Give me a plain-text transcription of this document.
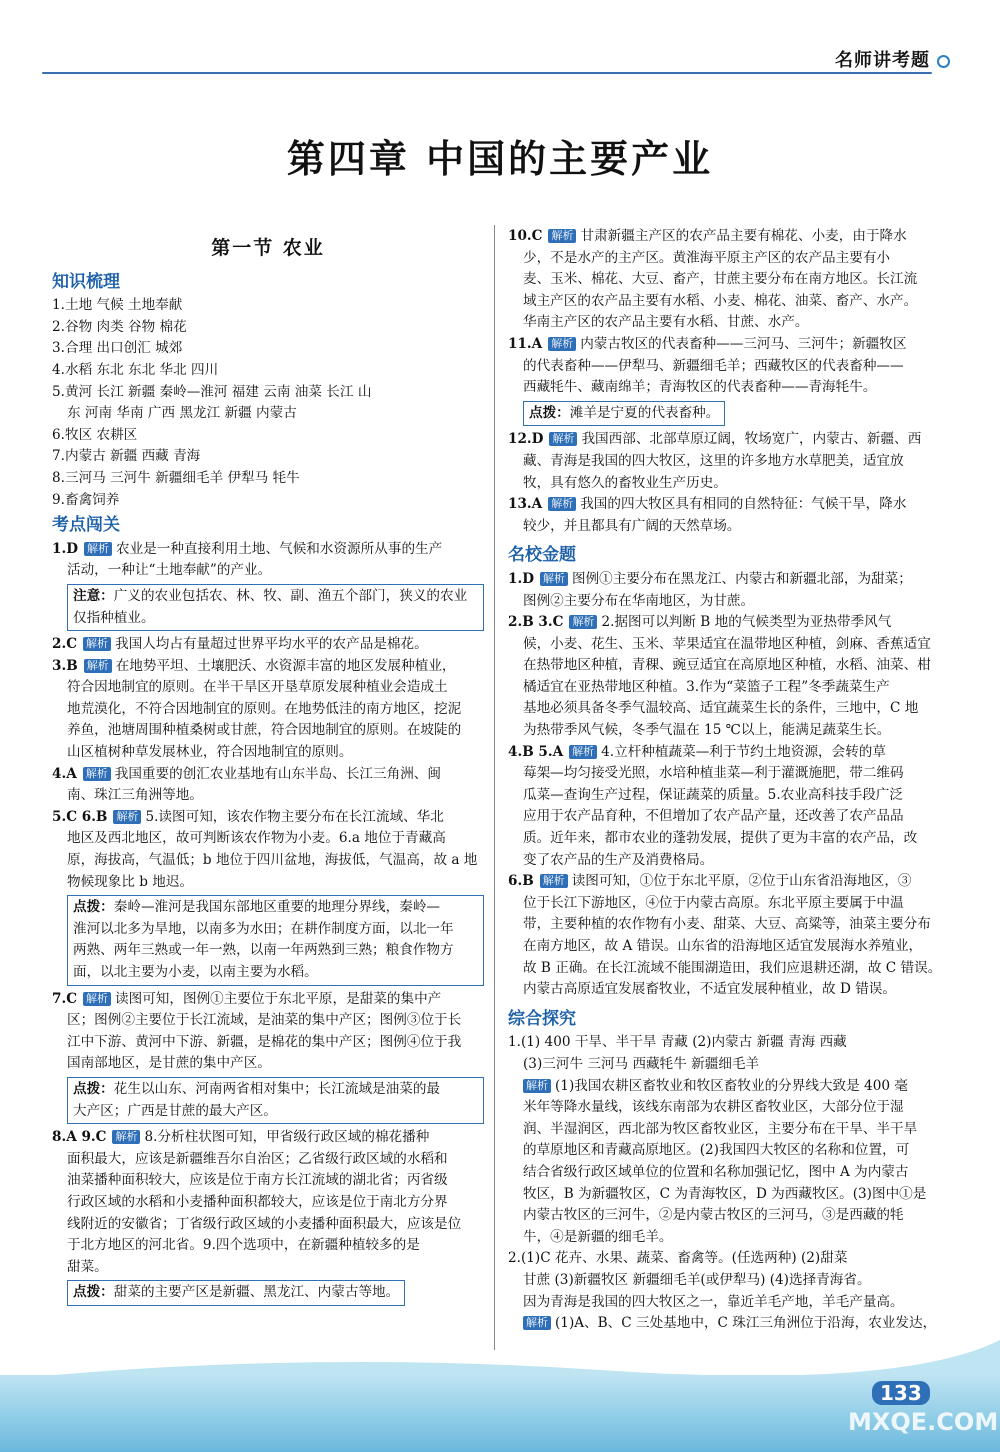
名师讲考题
第四章 中国的主要产业
第一节 农业
知识梳理
1.土地 气候 土地奉献
2.谷物 肉类 谷物 棉花
3.合理 出口创汇 城郊
4.水稻 东北 东北 华北 四川
5.黄河 长江 新疆 秦岭—淮河 福建 云南 油菜 长江 山
东 河南 华南 广西 黑龙江 新疆 内蒙古
6.牧区 农耕区
7.内蒙古 新疆 西藏 青海
8.三河马 三河牛 新疆细毛羊 伊犁马 牦牛
9.畜禽饲养
考点闯关
1.D 解析 农业是一种直接利用土地、气候和水资源所从事的生产
活动，一种让“土地奉献”的产业。
注意：广义的农业包括农、林、牧、副、渔五个部门，狭义的农业
仅指种植业。
2.C 解析 我国人均占有量超过世界平均水平的农产品是棉花。
3.B 解析 在地势平坦、土壤肥沃、水资源丰富的地区发展种植业，
符合因地制宜的原则。在半干旱区开垦草原发展种植业会造成土
地荒漠化，不符合因地制宜的原则。在地势低洼的南方地区，挖泥
养鱼，池塘周围种植桑树或甘蔗，符合因地制宜的原则。在坡陡的
山区植树种草发展林业，符合因地制宜的原则。
4.A 解析 我国重要的创汇农业基地有山东半岛、长江三角洲、闽
南、珠江三角洲等地。
5.C 6.B 解析 5.读图可知，该农作物主要分布在长江流域、华北
地区及西北地区，故可判断该农作物为小麦。6.a 地位于青藏高
原，海拔高，气温低；b 地位于四川盆地，海拔低，气温高，故 a 地
物候现象比 b 地迟。
点拨：秦岭—淮河是我国东部地区重要的地理分界线，秦岭—
淮河以北多为旱地，以南多为水田；在耕作制度方面，以北一年
两熟、两年三熟或一年一熟，以南一年两熟到三熟；粮食作物方
面，以北主要为小麦，以南主要为水稻。
7.C 解析 读图可知，图例①主要位于东北平原，是甜菜的集中产
区；图例②主要位于长江流域，是油菜的集中产区；图例③位于长
江中下游、黄河中下游、新疆，是棉花的集中产区；图例④位于我
国南部地区，是甘蔗的集中产区。
点拨：花生以山东、河南两省相对集中；长江流域是油菜的最
大产区；广西是甘蔗的最大产区。
8.A 9.C 解析 8.分析柱状图可知，甲省级行政区域的棉花播种
面积最大，应该是新疆维吾尔自治区；乙省级行政区域的水稻和
油菜播种面积较大，应该是位于南方长江流域的湖北省；丙省级
行政区域的水稻和小麦播种面积都较大，应该是位于南北方分界
线附近的安徽省；丁省级行政区域的小麦播种面积最大，应该是位
于北方地区的河北省。9.四个选项中，在新疆种植较多的是
甜菜。
点拨：甜菜的主要产区是新疆、黑龙江、内蒙古等地。
10.C 解析 甘肃新疆主产区的农产品主要有棉花、小麦，由于降水
少，不是水产的主产区。黄淮海平原主产区的农产品主要有小
麦、玉米、棉花、大豆、畜产，甘蔗主要分布在南方地区。长江流
域主产区的农产品主要有水稻、小麦、棉花、油菜、畜产、水产。
华南主产区的农产品主要有水稻、甘蔗、水产。
11.A 解析 内蒙古牧区的代表畜种——三河马、三河牛；新疆牧区
的代表畜种——伊犁马、新疆细毛羊；西藏牧区的代表畜种——
西藏牦牛、藏南绵羊；青海牧区的代表畜种——青海牦牛。
点拨：滩羊是宁夏的代表畜种。
12.D 解析 我国西部、北部草原辽阔，牧场宽广，内蒙古、新疆、西
藏、青海是我国的四大牧区，这里的许多地方水草肥美，适宜放
牧，具有悠久的畜牧业生产历史。
13.A 解析 我国的四大牧区具有相同的自然特征：气候干旱，降水
较少，并且都具有广阔的天然草场。
名校金题
1.D 解析 图例①主要分布在黑龙江、内蒙古和新疆北部，为甜菜；
图例②主要分布在华南地区，为甘蔗。
2.B 3.C 解析 2.据图可以判断 B 地的气候类型为亚热带季风气
候，小麦、花生、玉米、苹果适宜在温带地区种植，剑麻、香蕉适宜
在热带地区种植，青稞、豌豆适宜在高原地区种植，水稻、油菜、柑
橘适宜在亚热带地区种植。3.作为“菜篮子工程”冬季蔬菜生产
基地必须具备冬季气温较高、适宜蔬菜生长的条件，三地中，C 地
为热带季风气候，冬季气温在 15 ℃以上，能满足蔬菜生长。
4.B 5.A 解析 4.立杆种植蔬菜—利于节约土地资源，会转的草
莓架—均匀接受光照，水培种植韭菜—利于灌溉施肥，带二维码
瓜菜—查询生产过程，保证蔬菜的质量。5.农业高科技手段广泛
应用于农产品育种，不但增加了农产品产量，还改善了农产品品
质。近年来，都市农业的蓬勃发展，提供了更为丰富的农产品，改
变了农产品的生产及消费格局。
6.B 解析 读图可知，①位于东北平原，②位于山东省沿海地区，③
位于长江下游地区，④位于内蒙古高原。东北平原主要属于中温
带，主要种植的农作物有小麦、甜菜、大豆、高粱等，油菜主要分布
在南方地区，故 A 错误。山东省的沿海地区适宜发展海水养殖业，
故 B 正确。在长江流域不能围湖造田，我们应退耕还湖，故 C 错误。
内蒙古高原适宜发展畜牧业，不适宜发展种植业，故 D 错误。
综合探究
1.(1) 400 干旱、半干旱 青藏 (2)内蒙古 新疆 青海 西藏
(3)三河牛 三河马 西藏牦牛 新疆细毛羊
解析 (1)我国农耕区畜牧业和牧区畜牧业的分界线大致是 400 毫
米年等降水量线，该线东南部为农耕区畜牧业区，大部分位于湿
润、半湿润区，西北部为牧区畜牧业区，主要分布在干旱、半干旱
的草原地区和青藏高原地区。(2)我国四大牧区的名称和位置，可
结合省级行政区域单位的位置和名称加强记忆，图中 A 为内蒙古
牧区，B 为新疆牧区，C 为青海牧区，D 为西藏牧区。(3)图中①是
内蒙古牧区的三河牛，②是内蒙古牧区的三河马，③是西藏的牦
牛，④是新疆的细毛羊。
2.(1)C 花卉、水果、蔬菜、畜禽等。(任选两种) (2)甜菜
甘蔗 (3)新疆牧区 新疆细毛羊(或伊犁马) (4)选择青海省。
因为青海是我国的四大牧区之一，靠近羊毛产地，羊毛产量高。
解析 (1)A、B、C 三处基地中，C 珠江三角洲位于沿海，农业发达，
133
MXQE.COM
